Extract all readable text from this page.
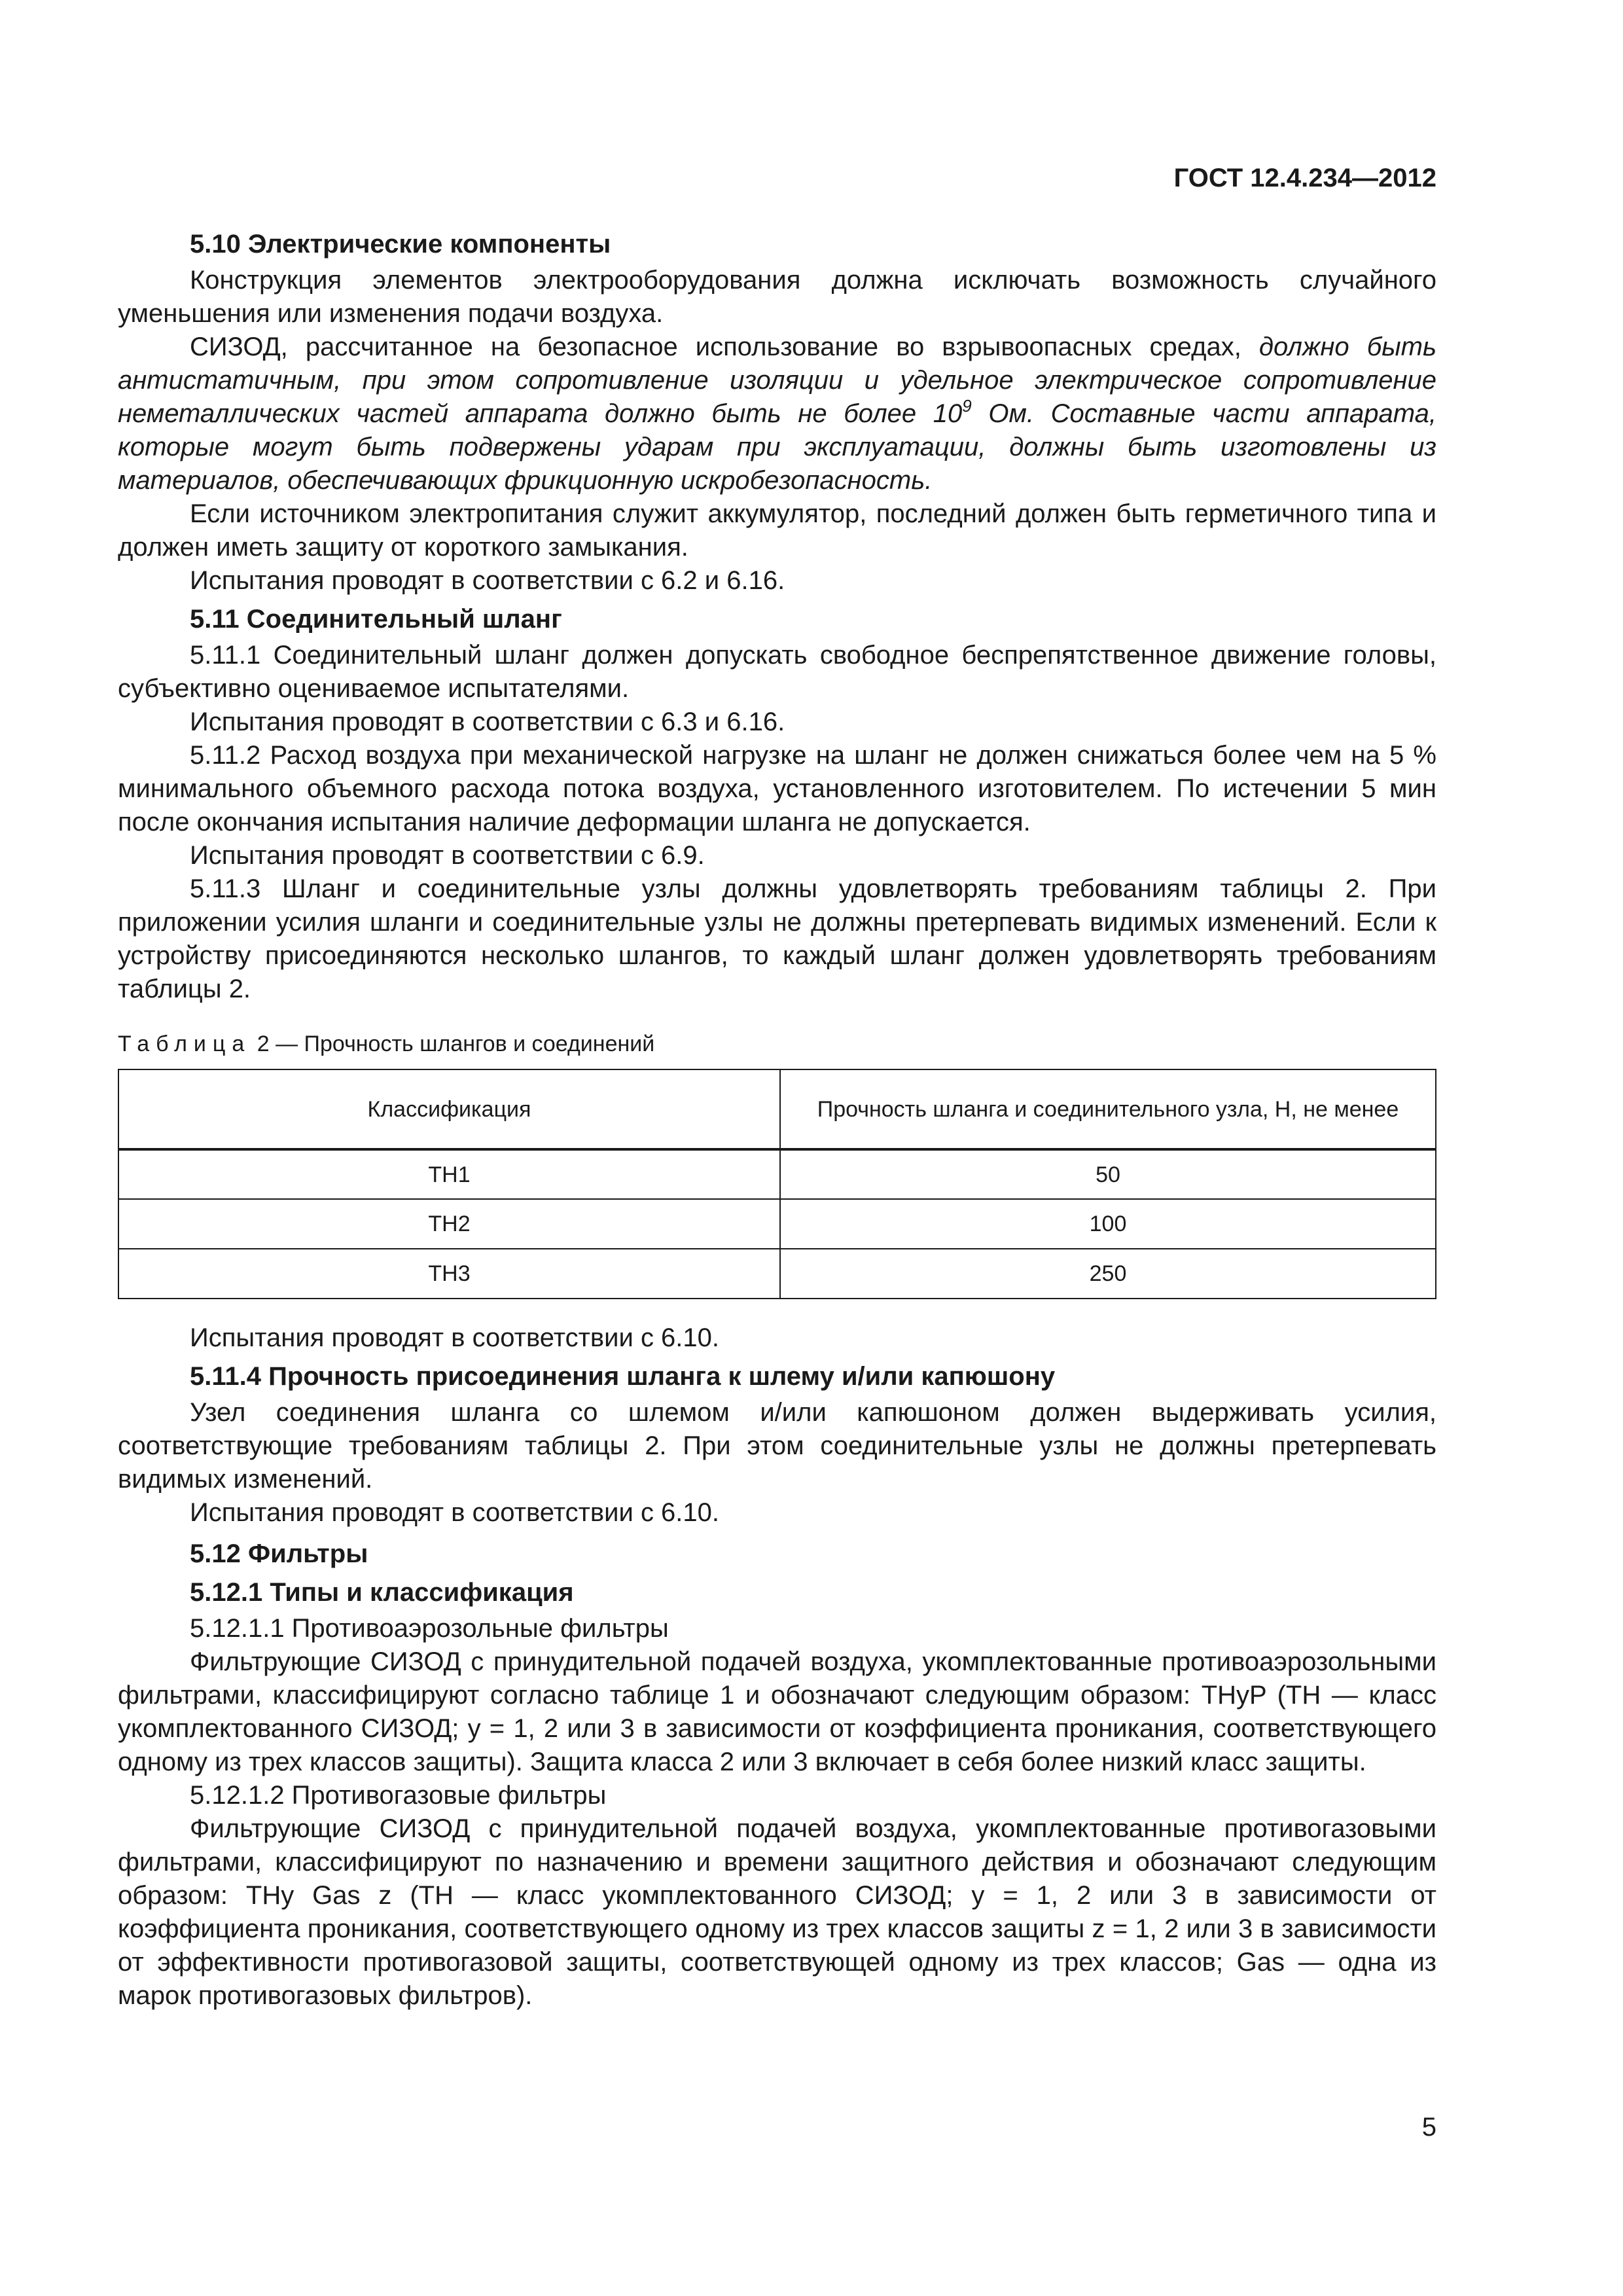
ГОСТ 12.4.234—2012

5.10 Электрические компоненты

Конструкция элементов электрооборудования должна исключать возможность случайного уменьшения или изменения подачи воздуха.

СИЗОД, рассчитанное на безопасное использование во взрывоопасных средах, должно быть антистатичным, при этом сопротивление изоляции и удельное электрическое сопротивление неметаллических частей аппарата должно быть не более $10^9$ Ом. Составные части аппарата, которые могут быть подвержены ударам при эксплуатации, должны быть изготовлены из материалов, обеспечивающих фрикционную искробезопасность.

Если источником электропитания служит аккумулятор, последний должен быть герметичного типа и должен иметь защиту от короткого замыкания.

Испытания проводят в соответствии с 6.2 и 6.16.

5.11 Соединительный шланг

5.11.1 Соединительный шланг должен допускать свободное беспрепятственное движение головы, субъективно оцениваемое испытателями.

Испытания проводят в соответствии с 6.3 и 6.16.

5.11.2 Расход воздуха при механической нагрузке на шланг не должен снижаться более чем на 5 % минимального объемного расхода потока воздуха, установленного изготовителем. По истечении 5 мин после окончания испытания наличие деформации шланга не допускается.

Испытания проводят в соответствии с 6.9.

5.11.3 Шланг и соединительные узлы должны удовлетворять требованиям таблицы 2. При приложении усилия шланги и соединительные узлы не должны претерпевать видимых изменений. Если к устройству присоединяются несколько шлангов, то каждый шланг должен удовлетворять требованиям таблицы 2.

Таблица 2 — Прочность шлангов и соединений

Классификация	Прочность шланга и соединительного узла, Н, не менее
ТН1	50
ТН2	100
ТН3	250

Испытания проводят в соответствии с 6.10.

5.11.4 Прочность присоединения шланга к шлему и/или капюшону

Узел соединения шланга со шлемом и/или капюшоном должен выдерживать усилия, соответствующие требованиям таблицы 2. При этом соединительные узлы не должны претерпевать видимых изменений.

Испытания проводят в соответствии с 6.10.

5.12 Фильтры

5.12.1 Типы и классификация

5.12.1.1 Противоаэрозольные фильтры

Фильтрующие СИЗОД с принудительной подачей воздуха, укомплектованные противоаэрозольными фильтрами, классифицируют согласно таблице 1 и обозначают следующим образом: THyP (ТН — класс укомплектованного СИЗОД; у = 1, 2 или 3 в зависимости от коэффициента проникания, соответствующего одному из трех классов защиты). Защита класса 2 или 3 включает в себя более низкий класс защиты.

5.12.1.2 Противогазовые фильтры

Фильтрующие СИЗОД с принудительной подачей воздуха, укомплектованные противогазовыми фильтрами, классифицируют по назначению и времени защитного действия и обозначают следующим образом: THy Gas z (ТН — класс укомплектованного СИЗОД; у = 1, 2 или 3 в зависимости от коэффициента проникания, соответствующего одному из трех классов защиты z = 1, 2 или 3 в зависимости от эффективности противогазовой защиты, соответствующей одному из трех классов; Gas — одна из марок противогазовых фильтров).

5
